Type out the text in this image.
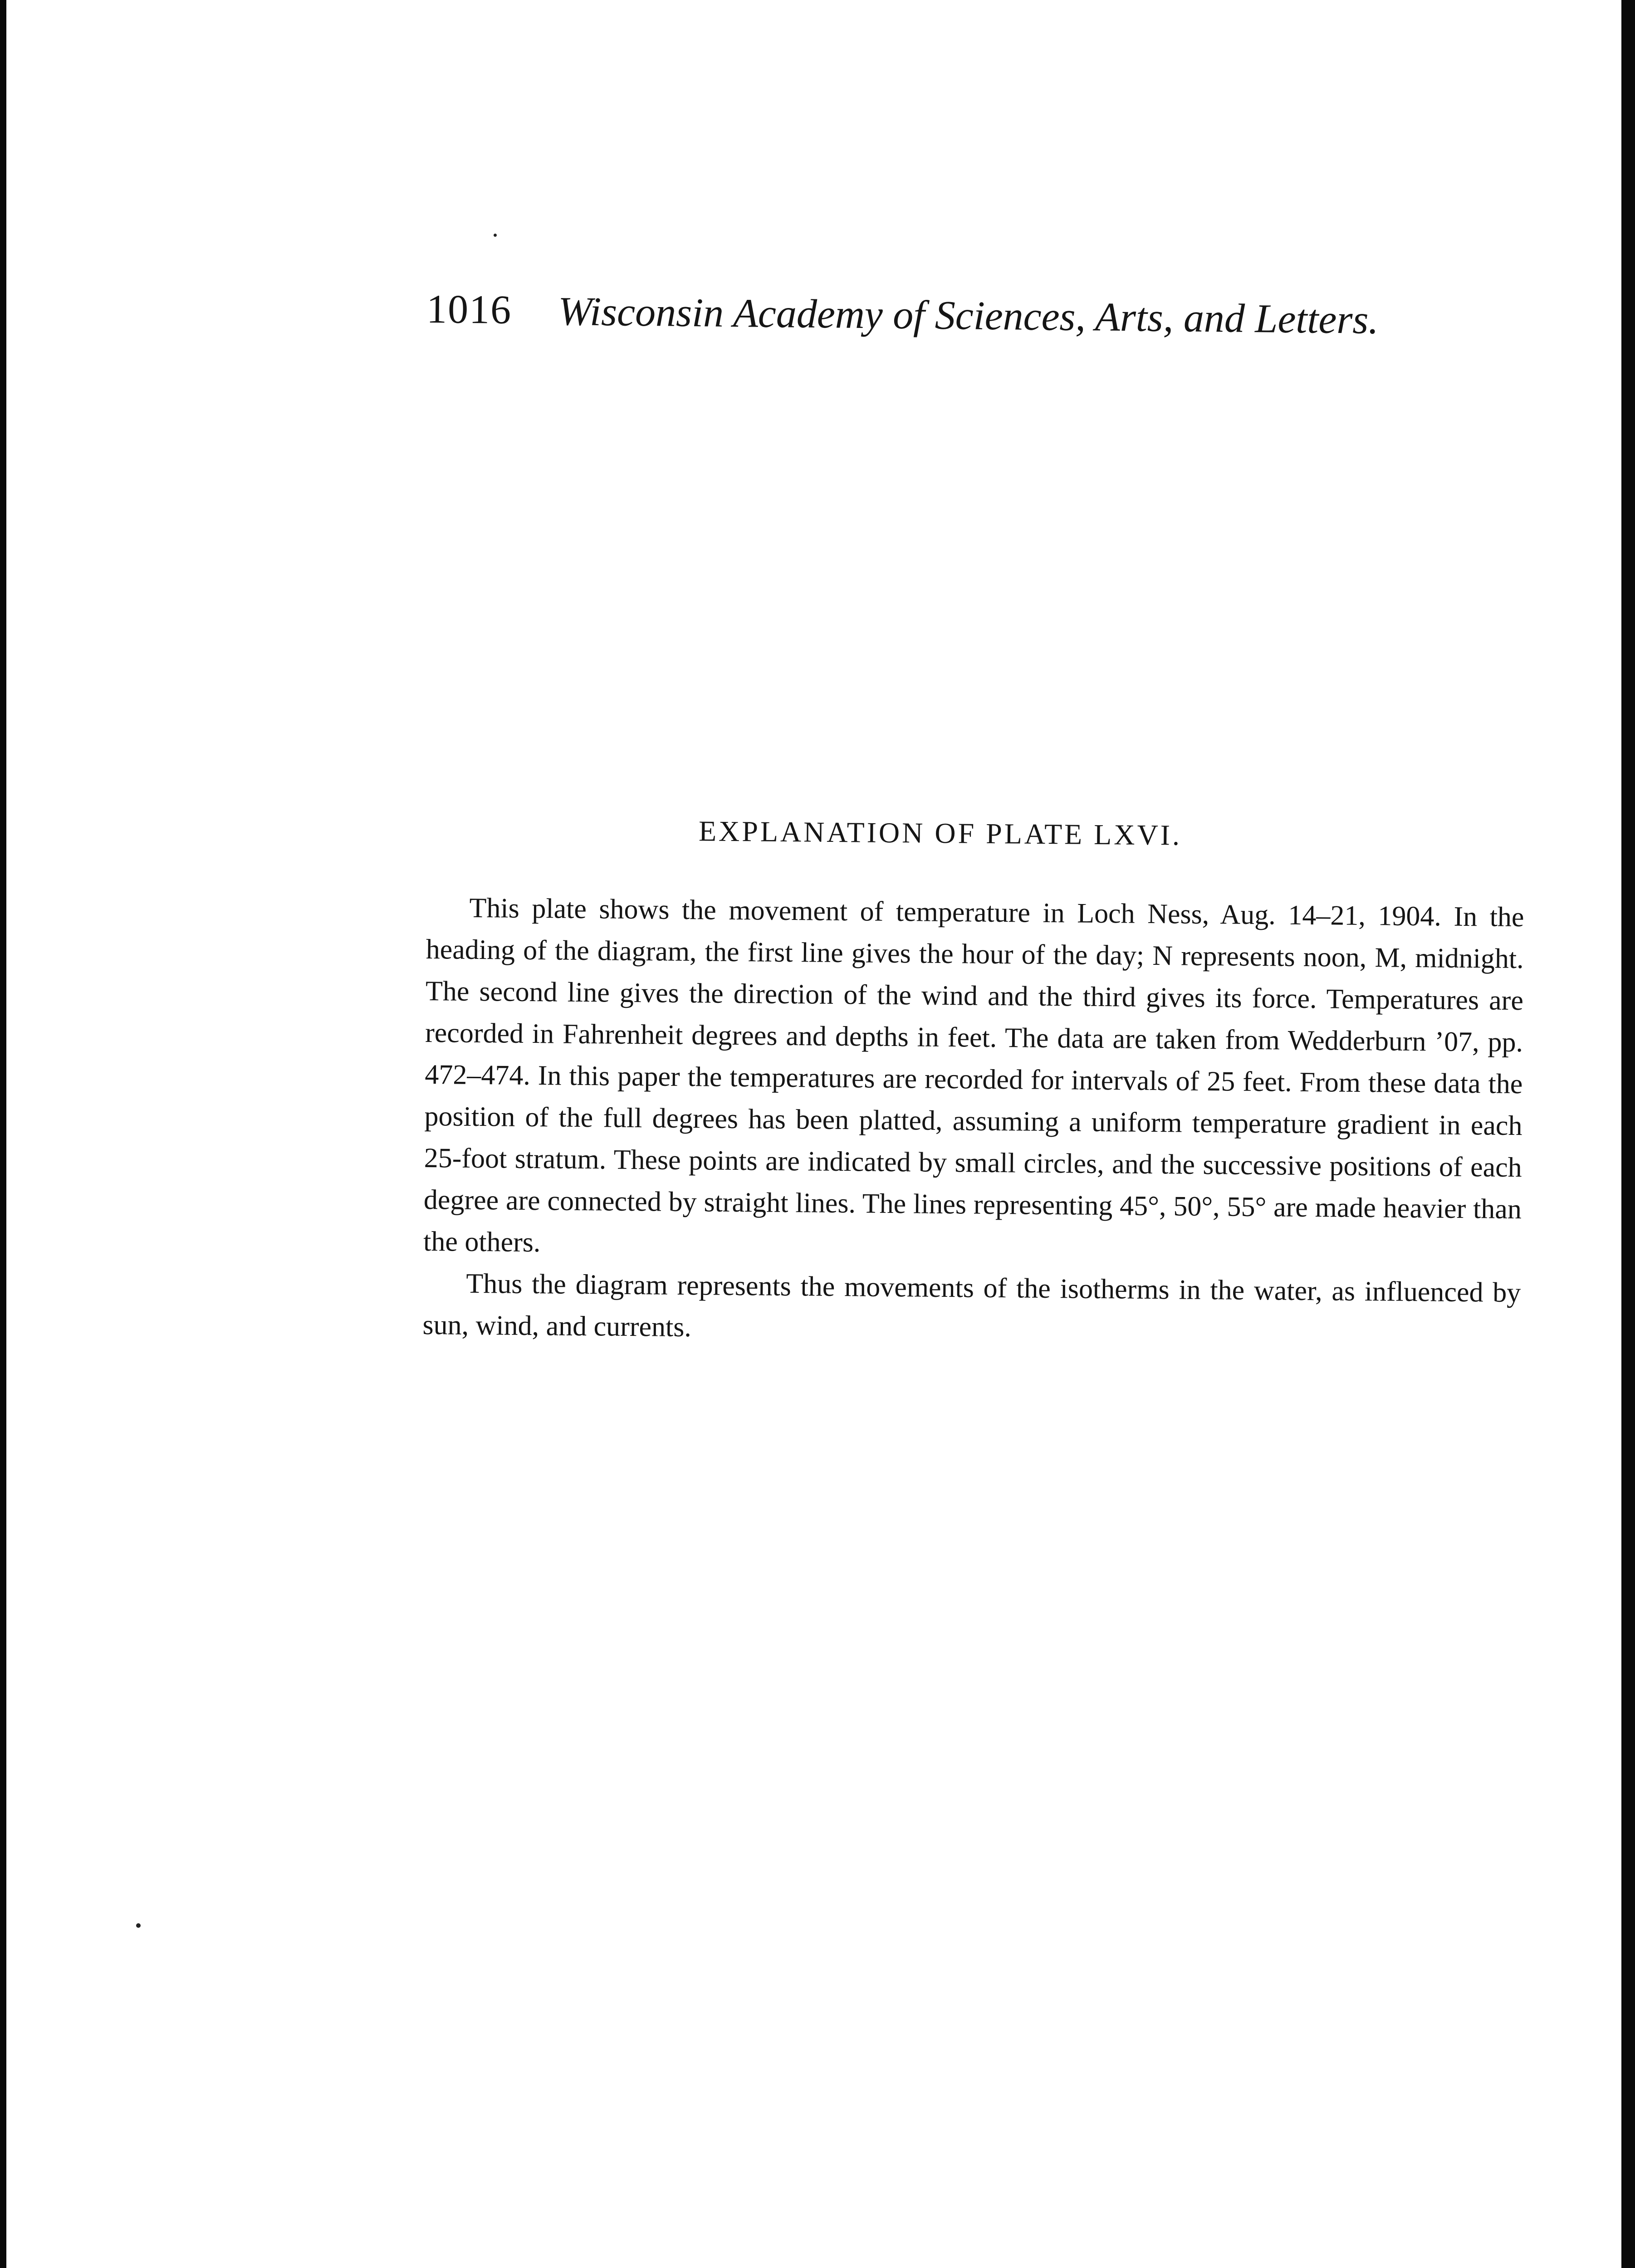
1016 Wisconsin Academy of Sciences, Arts, and Letters.
EXPLANATION OF PLATE LXVI.

This plate shows the movement of temperature in Loch Ness, Aug. 14–21, 1904. In the heading of the diagram, the first line gives the hour of the day; N represents noon, M, midnight. The second line gives the direction of the wind and the third gives its force. Temperatures are recorded in Fahrenheit degrees and depths in feet. The data are taken from Wedderburn ’07, pp. 472–474. In this paper the temperatures are recorded for intervals of 25 feet. From these data the position of the full degrees has been platted, assuming a uniform temperature gradient in each 25-foot stratum. These points are indicated by small circles, and the successive positions of each degree are connected by straight lines. The lines representing 45°, 50°, 55° are made heavier than the others.

Thus the diagram represents the movements of the isotherms in the water, as influenced by sun, wind, and currents.
